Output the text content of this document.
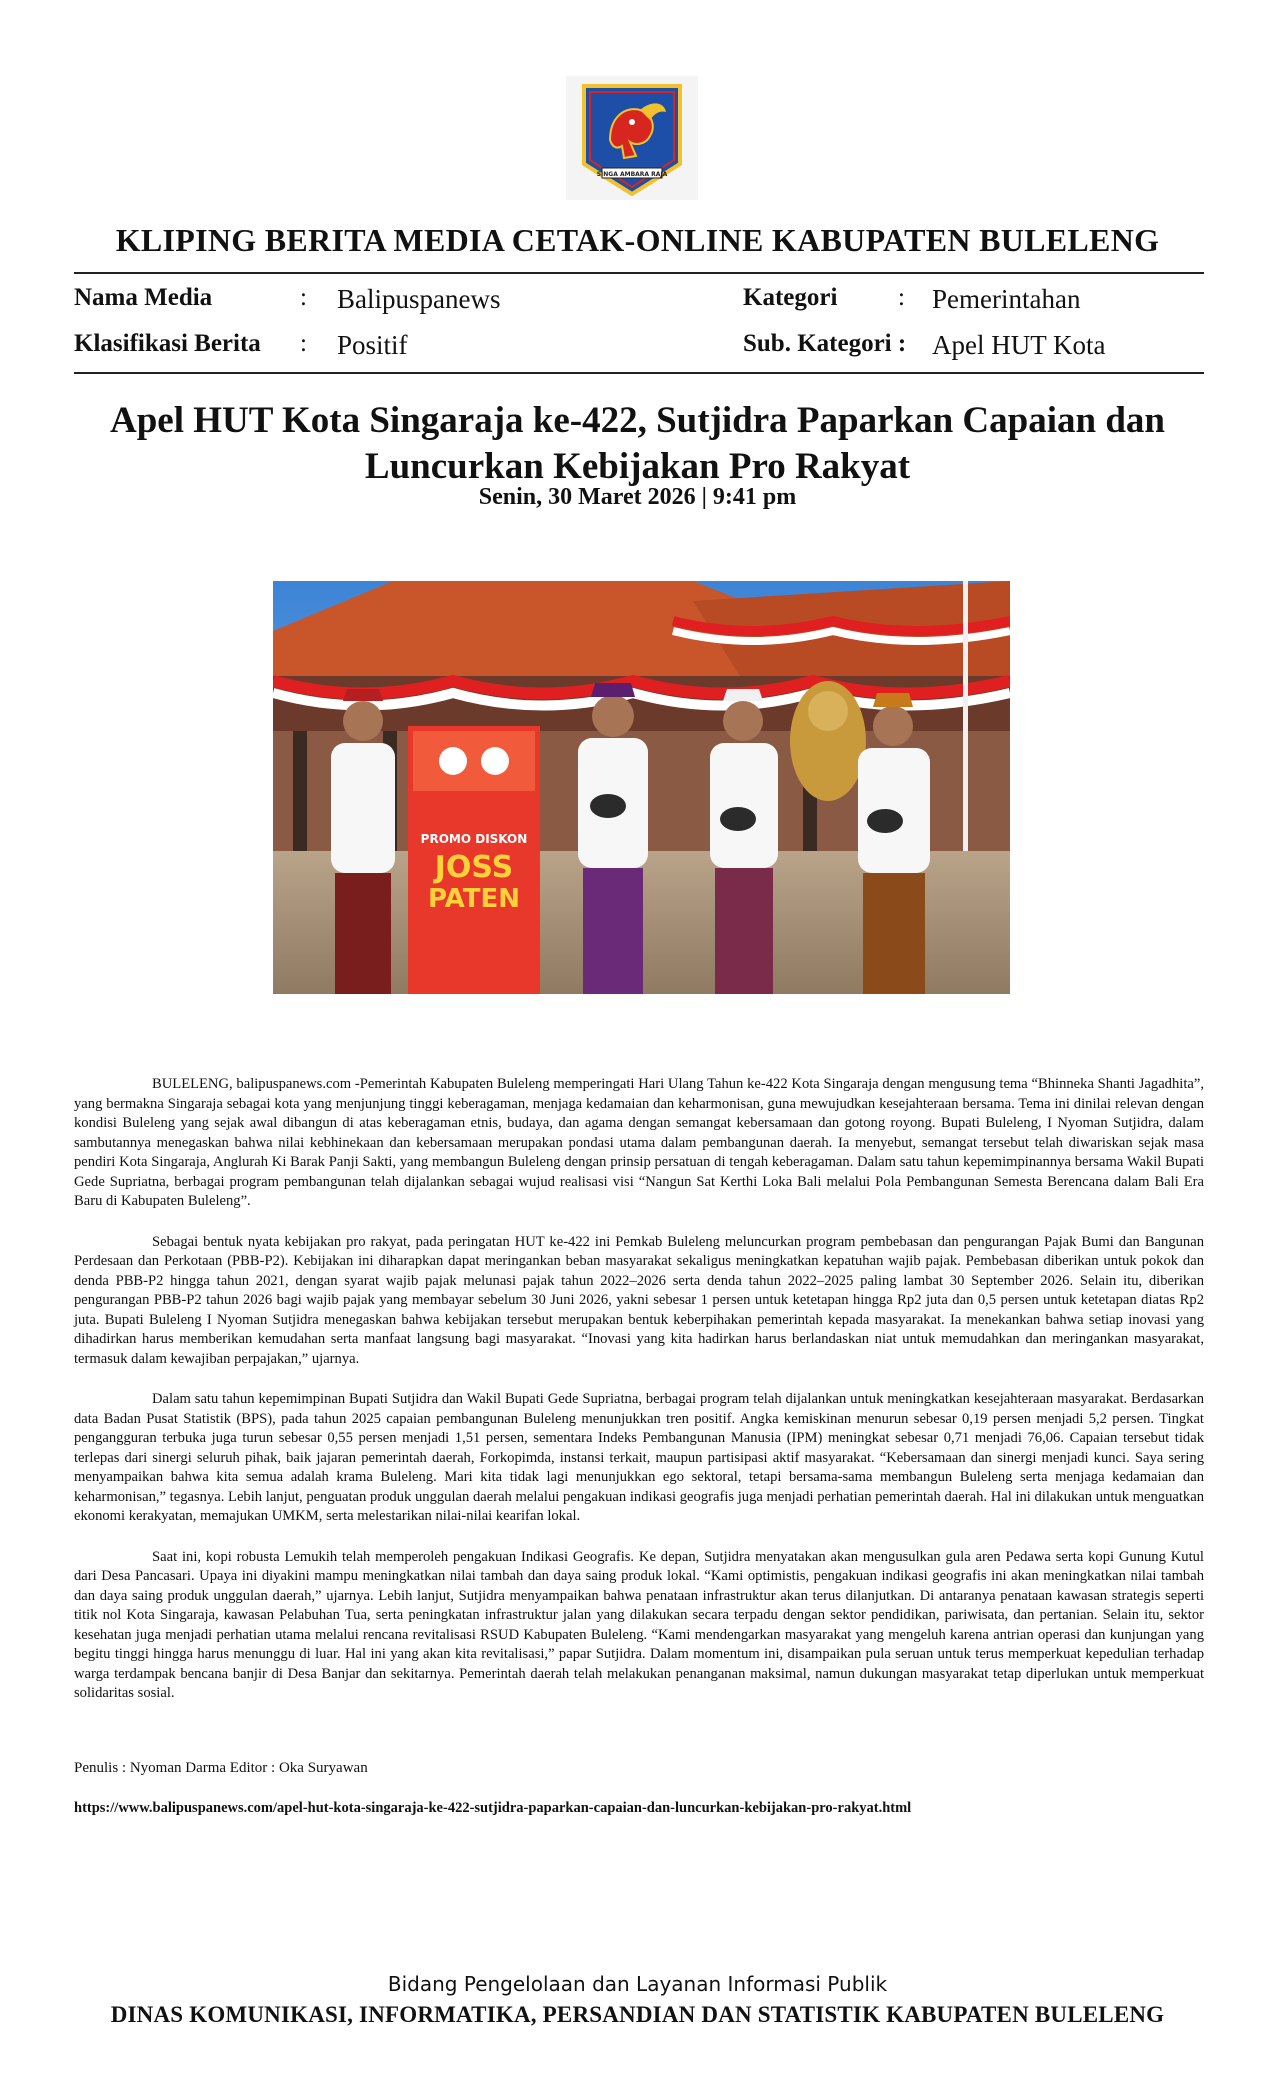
SINGA AMBARA RAJA
KLIPING BERITA MEDIA CETAK-ONLINE KABUPATEN BULELENG
Nama Media	: Balipuspanews
Klasifikasi Berita : Positif
Kategori : Pemerintahan
Sub. Kategori : Apel HUT Kota
Apel HUT Kota Singaraja ke-422, Sutjidra Paparkan Capaian dan
Luncurkan Kebijakan Pro Rakyat
Senin, 30 Maret 2026 | 9:41 pm
PROMO DISKON
JOSS
PATEN

BULELENG, balipuspanews.com -Pemerintah Kabupaten Buleleng memperingati Hari Ulang Tahun ke-422 Kota Singaraja dengan mengusung tema “Bhinneka Shanti Jagadhita”, yang bermakna Singaraja sebagai kota yang menjunjung tinggi keberagaman, menjaga kedamaian dan keharmonisan, guna mewujudkan kesejahteraan bersama. Tema ini dinilai relevan dengan kondisi Buleleng yang sejak awal dibangun di atas keberagaman etnis, budaya, dan agama dengan semangat kebersamaan dan gotong royong. Bupati Buleleng, I Nyoman Sutjidra, dalam sambutannya menegaskan bahwa nilai kebhinekaan dan kebersamaan merupakan pondasi utama dalam pembangunan daerah. Ia menyebut, semangat tersebut telah diwariskan sejak masa pendiri Kota Singaraja, Anglurah Ki Barak Panji Sakti, yang membangun Buleleng dengan prinsip persatuan di tengah keberagaman. Dalam satu tahun kepemimpinannya bersama Wakil Bupati Gede Supriatna, berbagai program pembangunan telah dijalankan sebagai wujud realisasi visi “Nangun Sat Kerthi Loka Bali melalui Pola Pembangunan Semesta Berencana dalam Bali Era Baru di Kabupaten Buleleng”.

Sebagai bentuk nyata kebijakan pro rakyat, pada peringatan HUT ke-422 ini Pemkab Buleleng meluncurkan program pembebasan dan pengurangan Pajak Bumi dan Bangunan Perdesaan dan Perkotaan (PBB-P2). Kebijakan ini diharapkan dapat meringankan beban masyarakat sekaligus meningkatkan kepatuhan wajib pajak. Pembebasan diberikan untuk pokok dan denda PBB-P2 hingga tahun 2021, dengan syarat wajib pajak melunasi pajak tahun 2022–2026 serta denda tahun 2022–2025 paling lambat 30 September 2026. Selain itu, diberikan pengurangan PBB-P2 tahun 2026 bagi wajib pajak yang membayar sebelum 30 Juni 2026, yakni sebesar 1 persen untuk ketetapan hingga Rp2 juta dan 0,5 persen untuk ketetapan diatas Rp2 juta. Bupati Buleleng I Nyoman Sutjidra menegaskan bahwa kebijakan tersebut merupakan bentuk keberpihakan pemerintah kepada masyarakat. Ia menekankan bahwa setiap inovasi yang dihadirkan harus memberikan kemudahan serta manfaat langsung bagi masyarakat. “Inovasi yang kita hadirkan harus berlandaskan niat untuk memudahkan dan meringankan masyarakat, termasuk dalam kewajiban perpajakan,” ujarnya.

Dalam satu tahun kepemimpinan Bupati Sutjidra dan Wakil Bupati Gede Supriatna, berbagai program telah dijalankan untuk meningkatkan kesejahteraan masyarakat. Berdasarkan data Badan Pusat Statistik (BPS), pada tahun 2025 capaian pembangunan Buleleng menunjukkan tren positif. Angka kemiskinan menurun sebesar 0,19 persen menjadi 5,2 persen. Tingkat pengangguran terbuka juga turun sebesar 0,55 persen menjadi 1,51 persen, sementara Indeks Pembangunan Manusia (IPM) meningkat sebesar 0,71 menjadi 76,06. Capaian tersebut tidak terlepas dari sinergi seluruh pihak, baik jajaran pemerintah daerah, Forkopimda, instansi terkait, maupun partisipasi aktif masyarakat. “Kebersamaan dan sinergi menjadi kunci. Saya sering menyampaikan bahwa kita semua adalah krama Buleleng. Mari kita tidak lagi menunjukkan ego sektoral, tetapi bersama-sama membangun Buleleng serta menjaga kedamaian dan keharmonisan,” tegasnya. Lebih lanjut, penguatan produk unggulan daerah melalui pengakuan indikasi geografis juga menjadi perhatian pemerintah daerah. Hal ini dilakukan untuk menguatkan ekonomi kerakyatan, memajukan UMKM, serta melestarikan nilai-nilai kearifan lokal.

Saat ini, kopi robusta Lemukih telah memperoleh pengakuan Indikasi Geografis. Ke depan, Sutjidra menyatakan akan mengusulkan gula aren Pedawa serta kopi Gunung Kutul dari Desa Pancasari. Upaya ini diyakini mampu meningkatkan nilai tambah dan daya saing produk lokal. “Kami optimistis, pengakuan indikasi geografis ini akan meningkatkan nilai tambah dan daya saing produk unggulan daerah,” ujarnya. Lebih lanjut, Sutjidra menyampaikan bahwa penataan infrastruktur akan terus dilanjutkan. Di antaranya penataan kawasan strategis seperti titik nol Kota Singaraja, kawasan Pelabuhan Tua, serta peningkatan infrastruktur jalan yang dilakukan secara terpadu dengan sektor pendidikan, pariwisata, dan pertanian. Selain itu, sektor kesehatan juga menjadi perhatian utama melalui rencana revitalisasi RSUD Kabupaten Buleleng. “Kami mendengarkan masyarakat yang mengeluh karena antrian operasi dan kunjungan yang begitu tinggi hingga harus menunggu di luar. Hal ini yang akan kita revitalisasi,” papar Sutjidra. Dalam momentum ini, disampaikan pula seruan untuk terus memperkuat kepedulian terhadap warga terdampak bencana banjir di Desa Banjar dan sekitarnya. Pemerintah daerah telah melakukan penanganan maksimal, namun dukungan masyarakat tetap diperlukan untuk memperkuat solidaritas sosial.

Penulis : Nyoman Darma Editor : Oka Suryawan
https://www.balipuspanews.com/apel-hut-kota-singaraja-ke-422-sutjidra-paparkan-capaian-dan-luncurkan-kebijakan-pro-rakyat.html
Bidang Pengelolaan dan Layanan Informasi Publik
DINAS KOMUNIKASI, INFORMATIKA, PERSANDIAN DAN STATISTIK KABUPATEN BULELENG
